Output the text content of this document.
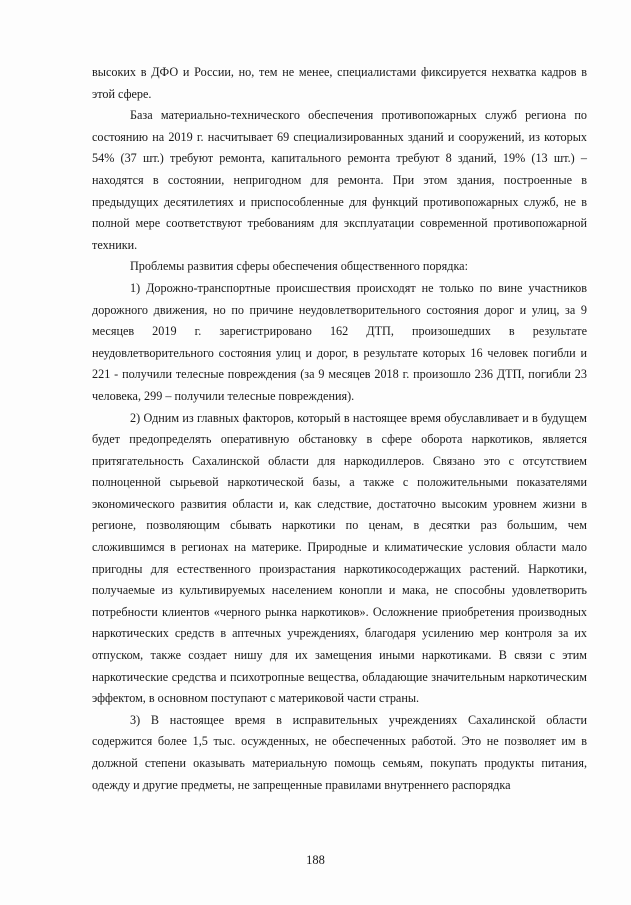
высоких в ДФО и России, но, тем не менее, специалистами фиксируется нехватка кадров в этой сфере.

База материально-технического обеспечения противопожарных служб региона по состоянию на 2019 г. насчитывает 69 специализированных зданий и сооружений, из которых 54% (37 шт.) требуют ремонта, капитального ремонта требуют 8 зданий, 19% (13 шт.) – находятся в состоянии, непригодном для ремонта. При этом здания, построенные в предыдущих десятилетиях и приспособленные для функций противопожарных служб, не в полной мере соответствуют требованиям для эксплуатации современной противопожарной техники.

Проблемы развития сферы обеспечения общественного порядка:

1) Дорожно-транспортные происшествия происходят не только по вине участников дорожного движения, но по причине неудовлетворительного состояния дорог и улиц, за 9 месяцев 2019 г. зарегистрировано 162 ДТП, произошедших в результате неудовлетворительного состояния улиц и дорог, в результате которых 16 человек погибли и 221 - получили телесные повреждения (за 9 месяцев 2018 г. произошло 236 ДТП, погибли 23 человека, 299 – получили телесные повреждения).

2) Одним из главных факторов, который в настоящее время обуславливает и в будущем будет предопределять оперативную обстановку в сфере оборота наркотиков, является притягательность Сахалинской области для наркодиллеров. Связано это с отсутствием полноценной сырьевой наркотической базы, а также с положительными показателями экономического развития области и, как следствие, достаточно высоким уровнем жизни в регионе, позволяющим сбывать наркотики по ценам, в десятки раз большим, чем сложившимся в регионах на материке. Природные и климатические условия области мало пригодны для естественного произрастания наркотикосодержащих растений. Наркотики, получаемые из культивируемых населением конопли и мака, не способны удовлетворить потребности клиентов «черного рынка наркотиков». Осложнение приобретения производных наркотических средств в аптечных учреждениях, благодаря усилению мер контроля за их отпуском, также создает нишу для их замещения иными наркотиками. В связи с этим наркотические средства и психотропные вещества, обладающие значительным наркотическим эффектом, в основном поступают с материковой части страны.

3) В настоящее время в исправительных учреждениях Сахалинской области содержится более 1,5 тыс. осужденных, не обеспеченных работой. Это не позволяет им в должной степени оказывать материальную помощь семьям, покупать продукты питания, одежду и другие предметы, не запрещенные правилами внутреннего распорядка

188
